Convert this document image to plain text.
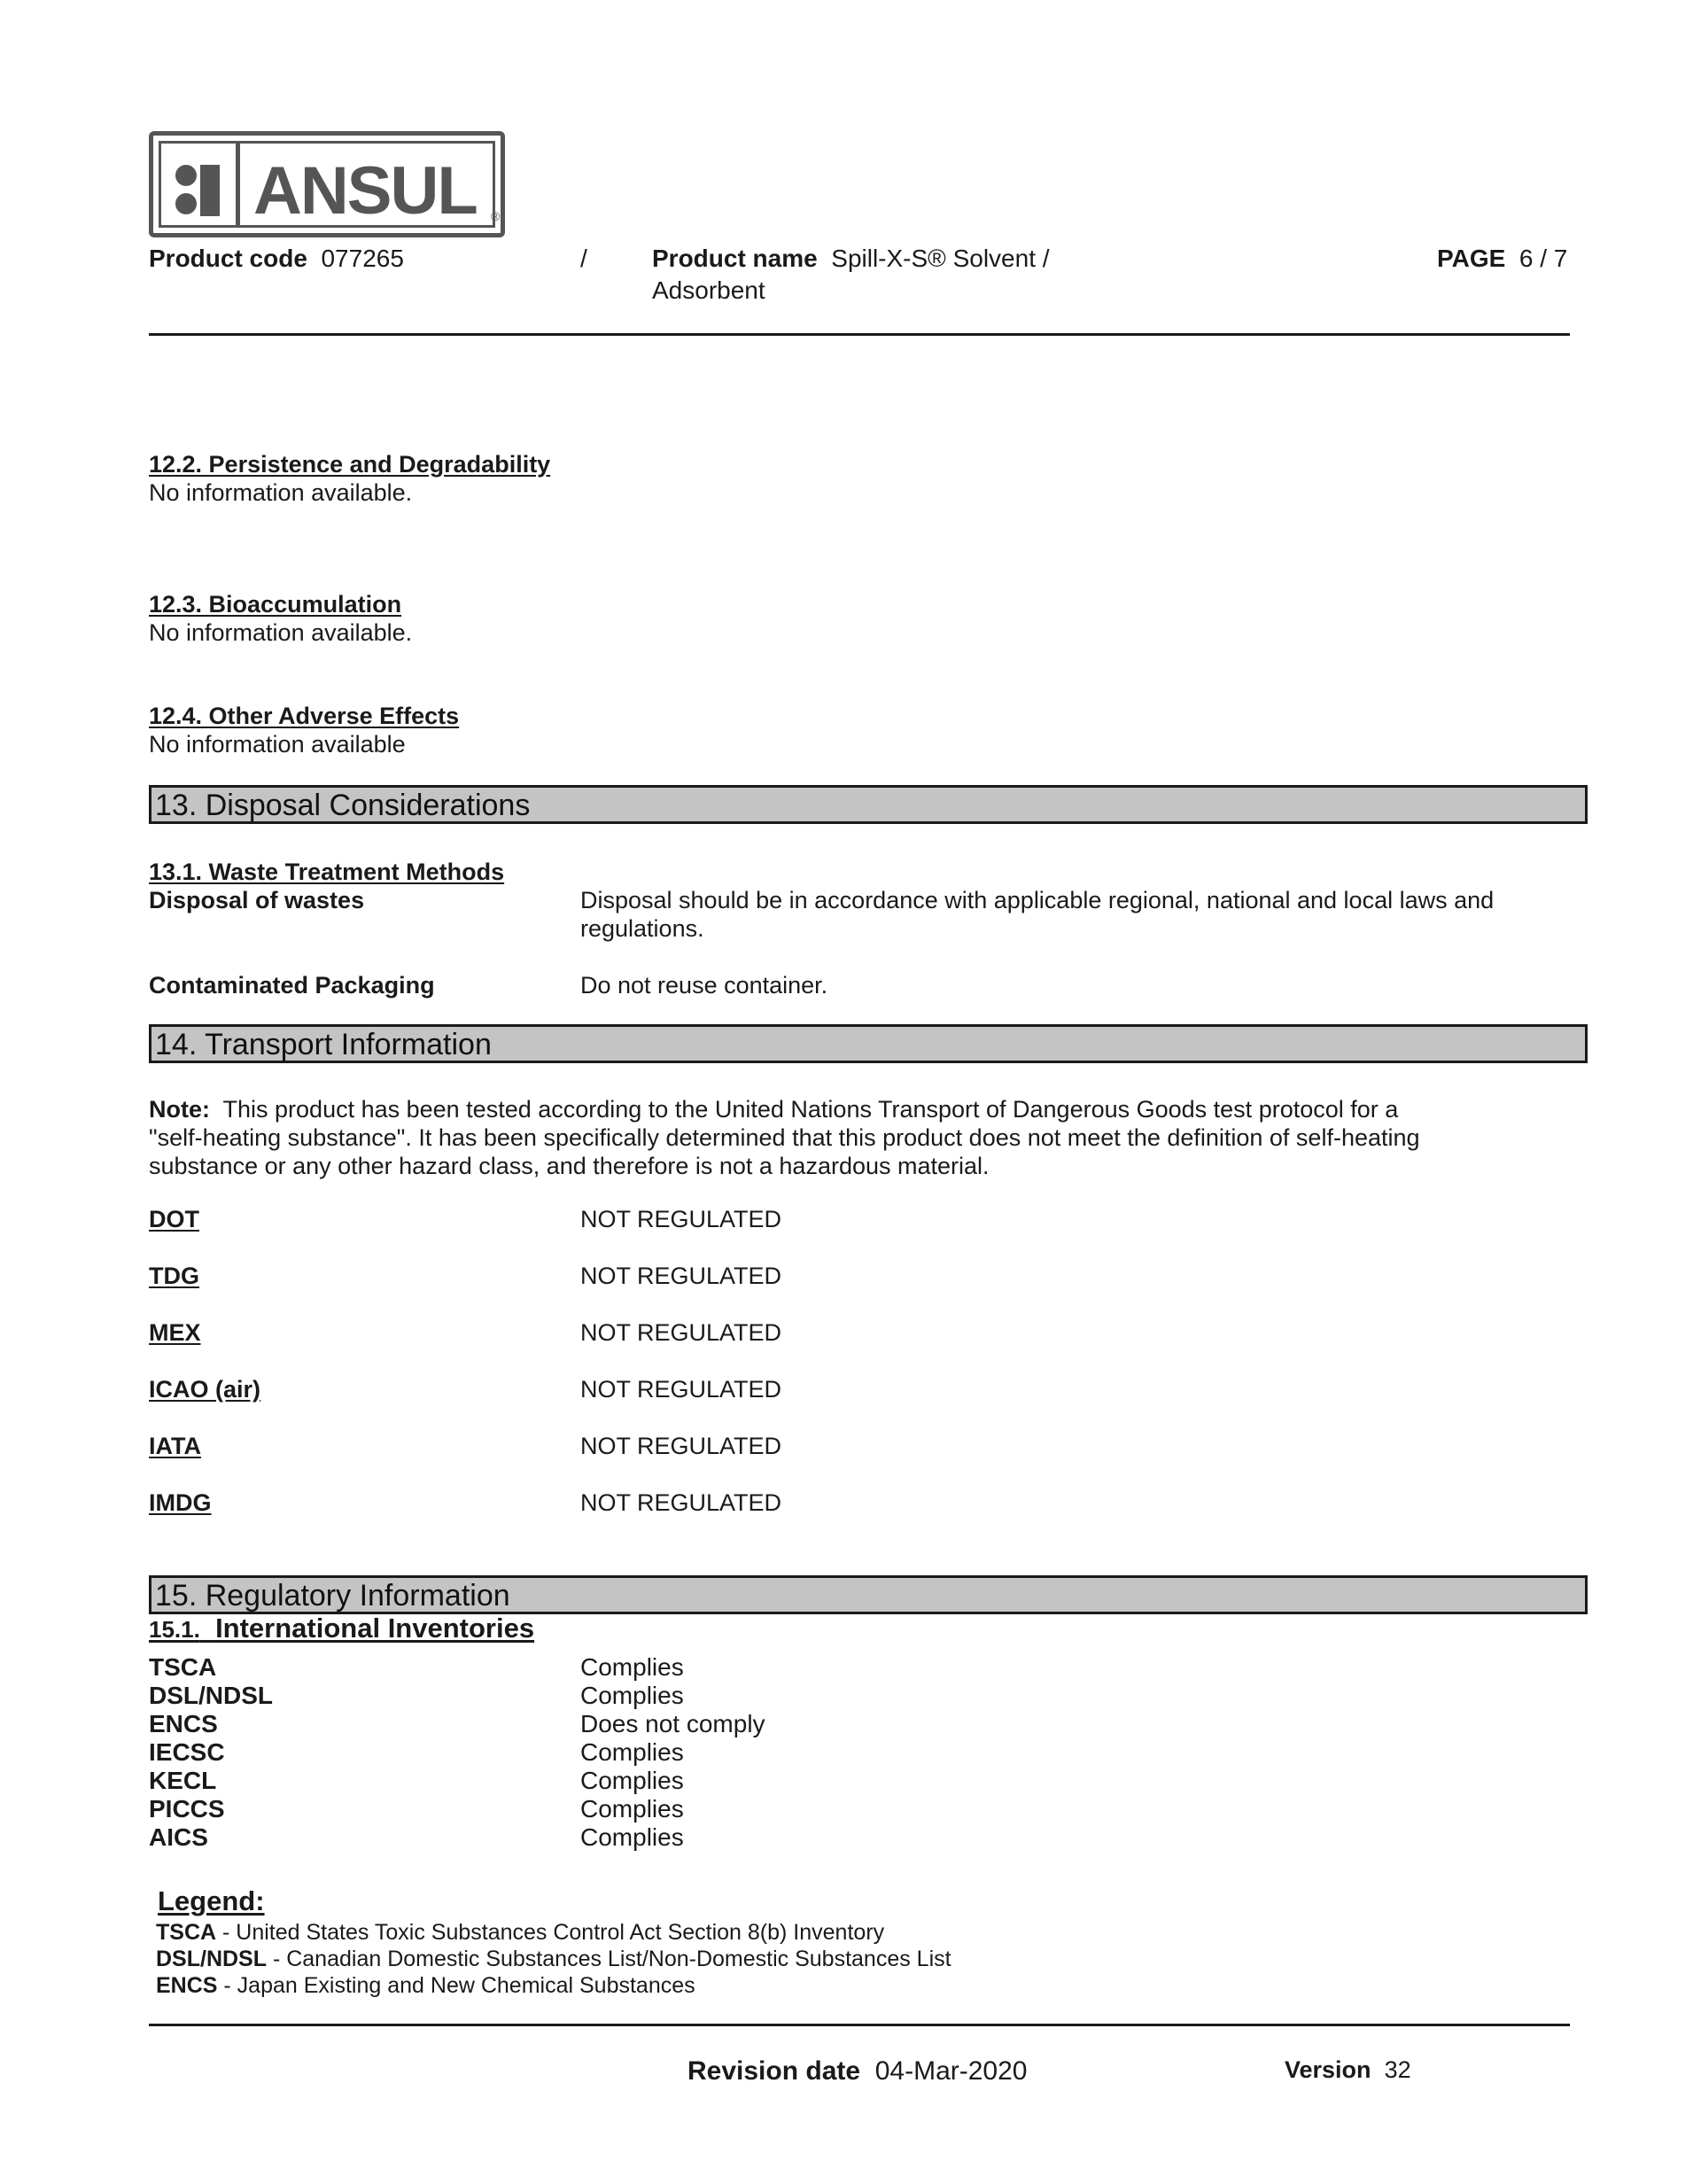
ANSUL ®
Product code 077265	/	Product name Spill-X-S® Solvent /
Adsorbent
PAGE 6 / 7
12.2. Persistence and Degradability
No information available.
12.3. Bioaccumulation
No information available.
12.4. Other Adverse Effects
No information available
13. Disposal Considerations
13.1. Waste Treatment Methods
Disposal of wastes	Disposal should be in accordance with applicable regional, national and local laws and
regulations.
Contaminated Packaging	Do not reuse container.
14. Transport Information
Note: This product has been tested according to the United Nations Transport of Dangerous Goods test protocol for a
"self-heating substance". It has been specifically determined that this product does not meet the definition of self-heating
substance or any other hazard class, and therefore is not a hazardous material.
DOT	NOT REGULATED
TDG	NOT REGULATED
MEX	NOT REGULATED
ICAO (air)	NOT REGULATED
IATA	NOT REGULATED
IMDG	NOT REGULATED
15. Regulatory Information
15.1. International Inventories
TSCA	Complies
DSL/NDSL	Complies
ENCS	Does not comply
IECSC	Complies
KECL	Complies
PICCS	Complies
AICS	Complies
Legend:
TSCA - United States Toxic Substances Control Act Section 8(b) Inventory
DSL/NDSL - Canadian Domestic Substances List/Non-Domestic Substances List
ENCS - Japan Existing and New Chemical Substances
Revision date 04-Mar-2020	Version 32
